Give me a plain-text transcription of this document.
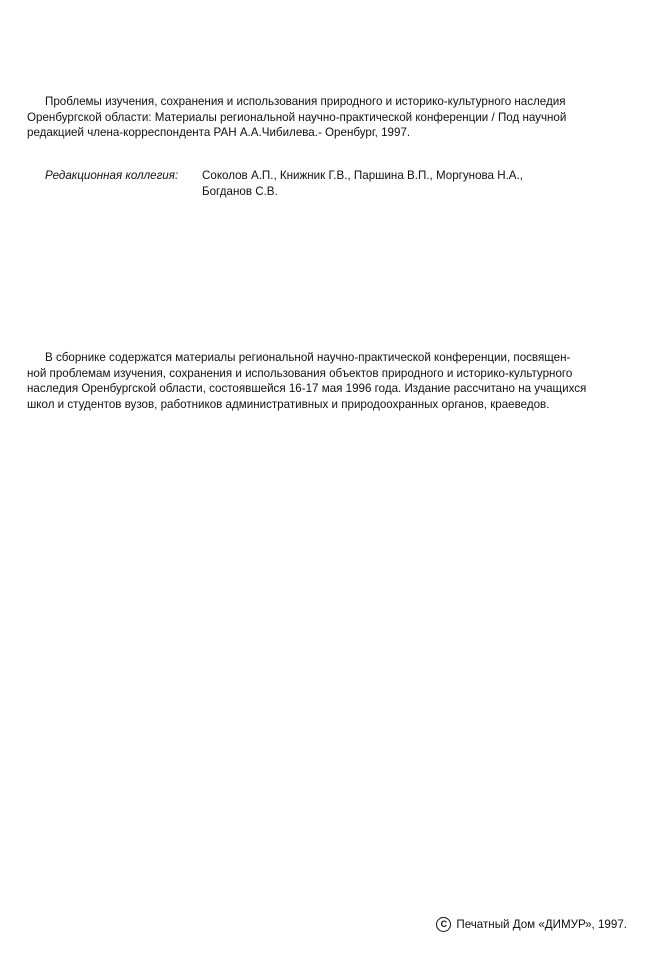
Проблемы изучения, сохранения и использования природного и историко-культурного наследия
Оренбургской области: Материалы региональной научно-практической конференции / Под научной
редакцией члена-корреспондента РАН А.А.Чибилева.- Оренбург, 1997.

Редакционная коллегия: Соколов А.П., Книжник Г.В., Паршина В.П., Моргунова Н.А.,
Богданов С.В.

В сборнике содержатся материалы региональной научно-практической конференции, посвящен-
ной проблемам изучения, сохранения и использования объектов природного и историко-культурного
наследия Оренбургской области, состоявшейся 16-17 мая 1996 года. Издание рассчитано на учащихся
школ и студентов вузов, работников административных и природоохранных органов, краеведов.

C Печатный Дом «ДИМУР», 1997.
